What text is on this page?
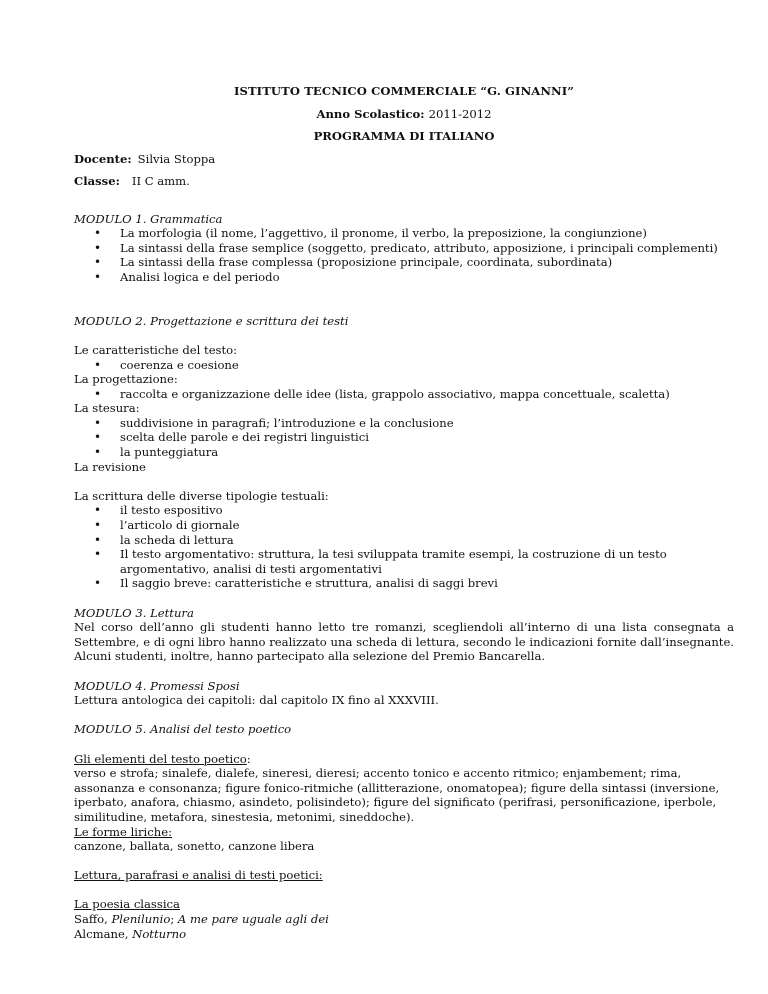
ISTITUTO TECNICO COMMERCIALE “G. GINANNI”

Anno Scolastico: 2011-2012

PROGRAMMA DI ITALIANO

Docente: Silvia Stoppa

Classe: II C amm.

MODULO 1. Grammatica

• La morfologia (il nome, l’aggettivo, il pronome, il verbo, la preposizione, la congiunzione)
• La sintassi della frase semplice (soggetto, predicato, attributo, apposizione, i principali complementi)
• La sintassi della frase complessa (proposizione principale, coordinata, subordinata)
• Analisi logica e del periodo

MODULO 2. Progettazione e scrittura dei testi

Le caratteristiche del testo:

• coerenza e coesione

La progettazione:

• raccolta e organizzazione delle idee (lista, grappolo associativo, mappa concettuale, scaletta)

La stesura:

• suddivisione in paragrafi; l’introduzione e la conclusione
• scelta delle parole e dei registri linguistici
• la punteggiatura

La revisione

La scrittura delle diverse tipologie testuali:

• il testo espositivo
• l’articolo di giornale
• la scheda di lettura
• Il testo argomentativo: struttura, la tesi sviluppata tramite esempi, la costruzione di un testo argomentativo, analisi di testi argomentativi
• Il saggio breve: caratteristiche e struttura, analisi di saggi brevi

MODULO 3. Lettura

Nel corso dell’anno gli studenti hanno letto tre romanzi, scegliendoli all’interno di una lista consegnata a Settembre, e di ogni libro hanno realizzato una scheda di lettura, secondo le indicazioni fornite dall’insegnante. Alcuni studenti, inoltre, hanno partecipato alla selezione del Premio Bancarella.

MODULO 4. Promessi Sposi

Lettura antologica dei capitoli: dal capitolo IX fino al XXXVIII.

MODULO 5. Analisi del testo poetico

Gli elementi del testo poetico:

verso e strofa; sinalefe, dialefe, sineresi, dieresi; accento tonico e accento ritmico; enjambement; rima, assonanza e consonanza; figure fonico-ritmiche (allitterazione, onomatopea); figure della sintassi (inversione, iperbato, anafora, chiasmo, asindeto, polisindeto); figure del significato (perifrasi, personificazione, iperbole, similitudine, metafora, sinestesia, metonimi, sineddoche).

Le forme liriche:

canzone, ballata, sonetto, canzone libera

Lettura, parafrasi e analisi di testi poetici:

La poesia classica

Saffo, Plenilunio; A me pare uguale agli dei

Alcmane, Notturno
